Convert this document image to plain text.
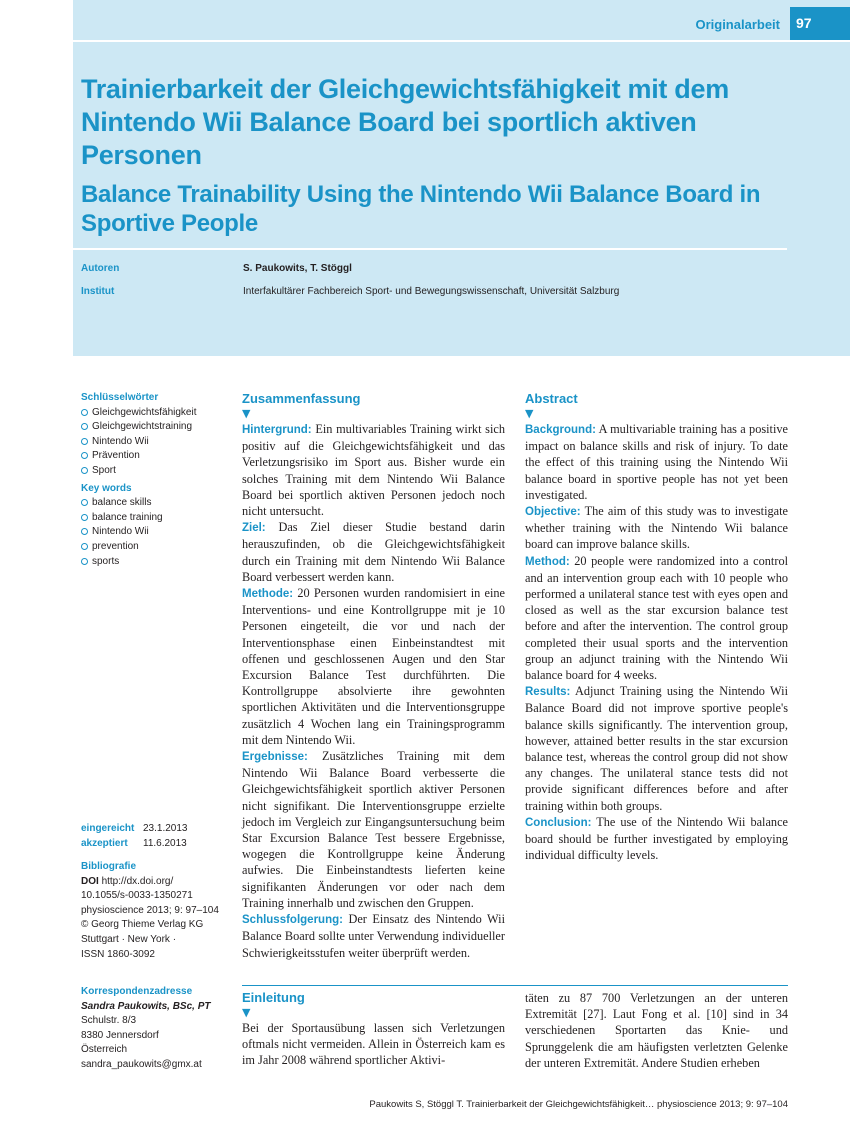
Originalarbeit	97
Trainierbarkeit der Gleichgewichtsfähigkeit mit dem Nintendo Wii Balance Board bei sportlich aktiven Personen
Balance Trainability Using the Nintendo Wii Balance Board in Sportive People
Autoren	S. Paukowits, T. Stöggl
Institut	Interfakultärer Fachbereich Sport- und Bewegungswissenschaft, Universität Salzburg
Schlüsselwörter
Gleichgewichtsfähigkeit
Gleichgewichtstraining
Nintendo Wii
Prävention
Sport
Key words
balance skills
balance training
Nintendo Wii
prevention
sports
eingereicht 23.1.2013
akzeptiert 11.6.2013
Bibliografie
DOI http://dx.doi.org/
10.1055/s-0033-1350271
physioscience 2013; 9: 97–104
© Georg Thieme Verlag KG
Stuttgart · New York ·
ISSN 1860-3092
Korrespondenzadresse
Sandra Paukowits, BSc, PT
Schulstr. 8/3
8380 Jennersdorf
Österreich
sandra_paukowits@gmx.at
Zusammenfassung
▼

Hintergrund: Ein multivariables Training wirkt sich positiv auf die Gleichgewichtsfähigkeit und das Verletzungsrisiko im Sport aus. Bisher wurde ein solches Training mit dem Nintendo Wii Balance Board bei sportlich aktiven Personen jedoch noch nicht untersucht.

Ziel: Das Ziel dieser Studie bestand darin herauszufinden, ob die Gleichgewichtsfähigkeit durch ein Training mit dem Nintendo Wii Balance Board verbessert werden kann.

Methode: 20 Personen wurden randomisiert in eine Interventions- und eine Kontrollgruppe mit je 10 Personen eingeteilt, die vor und nach der Interventionsphase einen Einbeinstandtest mit offenen und geschlossenen Augen und den Star Excursion Balance Test durchführten. Die Kontrollgruppe absolvierte ihre gewohnten sportlichen Aktivitäten und die Interventionsgruppe zusätzlich 4 Wochen lang ein Trainingsprogramm mit dem Nintendo Wii.

Ergebnisse: Zusätzliches Training mit dem Nintendo Wii Balance Board verbesserte die Gleichgewichtsfähigkeit sportlich aktiver Personen nicht signifikant. Die Interventionsgruppe erzielte jedoch im Vergleich zur Eingangsuntersuchung beim Star Excursion Balance Test bessere Ergebnisse, wogegen die Kontrollgruppe keine Änderung aufwies. Die Einbeinstandtests lieferten keine signifikanten Änderungen vor oder nach dem Training innerhalb und zwischen den Gruppen.

Schlussfolgerung: Der Einsatz des Nintendo Wii Balance Board sollte unter Verwendung individueller Schwierigkeitsstufen weiter überprüft werden.

Abstract
▼

Background: A multivariable training has a positive impact on balance skills and risk of injury. To date the effect of this training using the Nintendo Wii balance board in sportive people has not yet been investigated.

Objective: The aim of this study was to investigate whether training with the Nintendo Wii balance board can improve balance skills.

Method: 20 people were randomized into a control and an intervention group each with 10 people who performed a unilateral stance test with eyes open and closed as well as the star excursion balance test before and after the intervention. The control group completed their usual sports and the intervention group an adjunct training with the Nintendo Wii balance board for 4 weeks.

Results: Adjunct Training using the Nintendo Wii Balance Board did not improve sportive people's balance skills significantly. The intervention group, however, attained better results in the star excursion balance test, whereas the control group did not show any changes. The unilateral stance tests did not provide significant differences before and after training within both groups.

Conclusion: The use of the Nintendo Wii balance board should be further investigated by employing individual difficulty levels.

Einleitung
▼

Bei der Sportausübung lassen sich Verletzungen oftmals nicht vermeiden. Allein in Österreich kam es im Jahr 2008 während sportlicher Aktivi-

täten zu 87 700 Verletzungen an der unteren Extremität [27]. Laut Fong et al. [10] sind in 34 verschiedenen Sportarten das Knie- und Sprunggelenk die am häufigsten verletzten Gelenke der unteren Extremität. Andere Studien erheben

Paukowits S, Stöggl T. Trainierbarkeit der Gleichgewichtsfähigkeit… physioscience 2013; 9: 97–104
